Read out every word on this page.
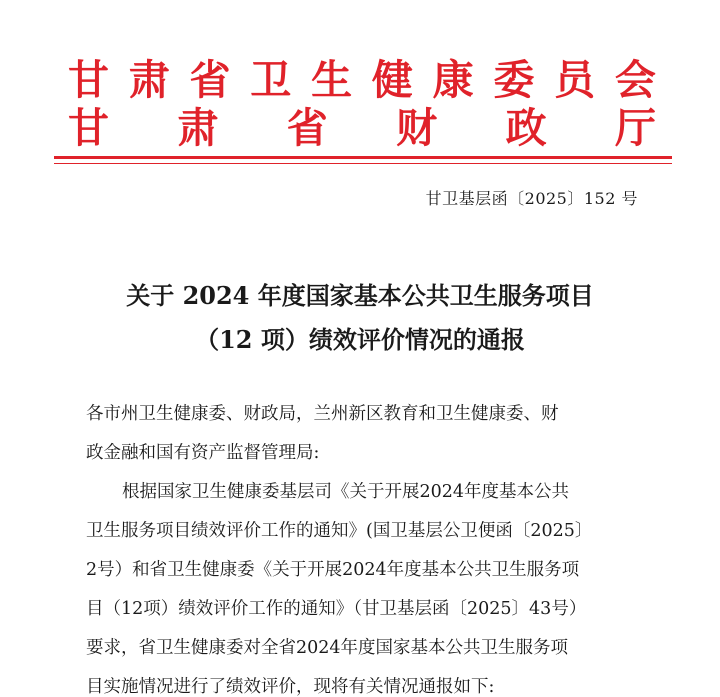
甘 肃 省 卫 生 健 康 委 员 会
甘 肃 省 财 政 厅
甘卫基层函〔2025〕152 号
关于 2024 年度国家基本公共卫生服务项目
（12 项）绩效评价情况的通报
各市州卫生健康委、财政局，兰州新区教育和卫生健康委、财
政金融和国有资产监督管理局:
根据国家卫生健康委基层司《关于开展2024年度基本公共
卫生服务项目绩效评价工作的通知》(国卫基层公卫便函〔2025〕
2号）和省卫生健康委《关于开展2024年度基本公共卫生服务项
目（12项）绩效评价工作的通知》（甘卫基层函〔2025〕43号）
要求，省卫生健康委对全省2024年度国家基本公共卫生服务项
目实施情况进行了绩效评价，现将有关情况通报如下:
